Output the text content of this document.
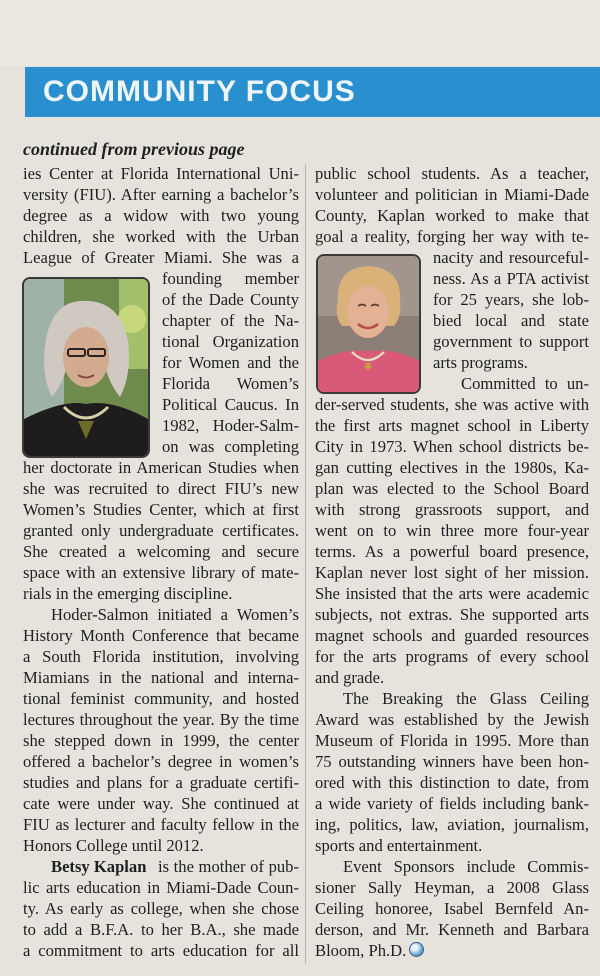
COMMUNITY FOCUS
continued from previous page
ies Center at Florida International Uni-
versity (FIU). After earning a bachelor’s
degree as a widow with two young
children, she worked with the Urban
League of Greater Miami. She was a
founding member
of the Dade County
chapter of the Na-
tional Organization
for Women and the
Florida Women’s
Political Caucus. In
1982, Hoder-Salm-
on was completing
her doctorate in American Studies when
she was recruited to direct FIU’s new
Women’s Studies Center, which at first
granted only undergraduate certificates.
She created a welcoming and secure
space with an extensive library of mate-
rials in the emerging discipline.
Hoder-Salmon initiated a Women’s
History Month Conference that became
a South Florida institution, involving
Miamians in the national and interna-
tional feminist community, and hosted
lectures throughout the year. By the time
she stepped down in 1999, the center
offered a bachelor’s degree in women’s
studies and plans for a graduate certifi-
cate were under way. She continued at
FIU as lecturer and faculty fellow in the
Honors College until 2012.
Betsy Kaplan is the mother of pub-
lic arts education in Miami-Dade Coun-
ty. As early as college, when she chose
to add a B.F.A. to her B.A., she made
a commitment to arts education for all
public school students. As a teacher,
volunteer and politician in Miami-Dade
County, Kaplan worked to make that
goal a reality, forging her way with te-
nacity and resourceful-
ness. As a PTA activist
for 25 years, she lob-
bied local and state
government to support
arts programs.
Committed to un-
der-served students, she was active with
the first arts magnet school in Liberty
City in 1973. When school districts be-
gan cutting electives in the 1980s, Ka-
plan was elected to the School Board
with strong grassroots support, and
went on to win three more four-year
terms. As a powerful board presence,
Kaplan never lost sight of her mission.
She insisted that the arts were academic
subjects, not extras. She supported arts
magnet schools and guarded resources
for the arts programs of every school
and grade.
The Breaking the Glass Ceiling
Award was established by the Jewish
Museum of Florida in 1995. More than
75 outstanding winners have been hon-
ored with this distinction to date, from
a wide variety of fields including bank-
ing, politics, law, aviation, journalism,
sports and entertainment.
Event Sponsors include Commis-
sioner Sally Heyman, a 2008 Glass
Ceiling honoree, Isabel Bernfeld An-
derson, and Mr. Kenneth and Barbara
Bloom, Ph.D.
